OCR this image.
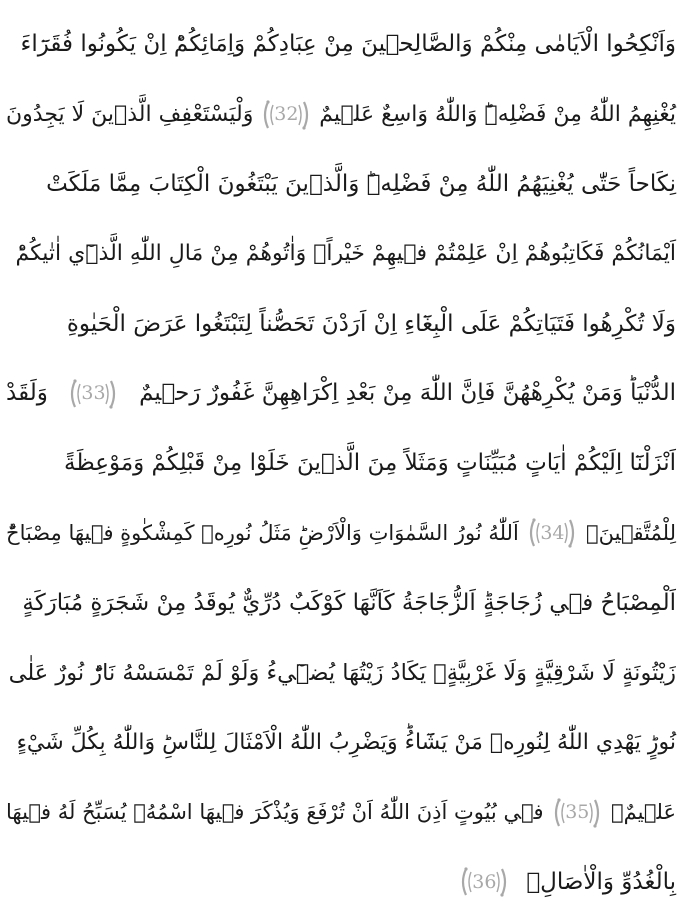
وَاَنْكِحُوا الْاَيَامٰى مِنْكُمْ وَالصَّالِح۪ينَ مِنْ عِبَادِكُمْ وَاِمَائِكُمْؕ اِنْ يَكُونُوا فُقَرَٓاءَ
يُغْنِهِمُ اللّٰهُ مِنْ فَضْلِه۪ؕ وَاللّٰهُ وَاسِعٌ عَل۪يمٌ
32
وَلْيَسْتَعْفِفِ الَّذ۪ينَ لَا يَجِدُونَ
نِكَاحاً حَتّٰى يُغْنِيَهُمُ اللّٰهُ مِنْ فَضْلِه۪ؕ وَالَّذ۪ينَ يَبْتَغُونَ الْكِتَابَ مِمَّا مَلَكَتْ
اَيْمَانُكُمْ فَكَاتِبُوهُمْ اِنْ عَلِمْتُمْ ف۪يهِمْ خَيْراًۗ وَاٰتُوهُمْ مِنْ مَالِ اللّٰهِ الَّذ۪ٓي اٰتٰيكُمْؕ
وَلَا تُكْرِهُوا فَتَيَاتِكُمْ عَلَى الْبِغَٓاءِ اِنْ اَرَدْنَ تَحَصُّناً لِتَبْتَغُوا عَرَضَ الْحَيٰوةِ
الدُّنْيَاؕ وَمَنْ يُكْرِهْهُنَّ فَاِنَّ اللّٰهَ مِنْ بَعْدِ اِكْرَاهِهِنَّ غَفُورٌ رَح۪يمٌ
33
وَلَقَدْ
اَنْزَلْنَٓا اِلَيْكُمْ اٰيَاتٍ مُبَيِّنَاتٍ وَمَثَلاً مِنَ الَّذ۪ينَ خَلَوْا مِنْ قَبْلِكُمْ وَمَوْعِظَةً
لِلْمُتَّق۪ينَ۟
34
اَللّٰهُ نُورُ السَّمٰوَاتِ وَالْاَرْضِؕ مَثَلُ نُورِه۪ كَمِشْكٰوةٍ ف۪يهَا مِصْبَاحٌؕ
اَلْمِصْبَاحُ ف۪ي زُجَاجَةٍؕ اَلزُّجَاجَةُ كَاَنَّهَا كَوْكَبٌ دُرِّيٌّ يُوقَدُ مِنْ شَجَرَةٍ مُبَارَكَةٍ
زَيْتُونَةٍ لَا شَرْقِيَّةٍ وَلَا غَرْبِيَّةٍۙ يَكَادُ زَيْتُهَا يُض۪ٓيءُ وَلَوْ لَمْ تَمْسَسْهُ نَارٌؕ نُورٌ عَلٰى
نُورٍؕ يَهْدِي اللّٰهُ لِنُورِه۪ مَنْ يَشَٓاءُؕ وَيَضْرِبُ اللّٰهُ الْاَمْثَالَ لِلنَّاسِؕ وَاللّٰهُ بِكُلِّ شَيْءٍ
عَل۪يمٌۙ
35
ف۪ي بُيُوتٍ اَذِنَ اللّٰهُ اَنْ تُرْفَعَ وَيُذْكَرَ ف۪يهَا اسْمُهُۙ يُسَبِّحُ لَهُ ف۪يهَا
بِالْغُدُوِّ وَالْاٰصَالِۙ
36
